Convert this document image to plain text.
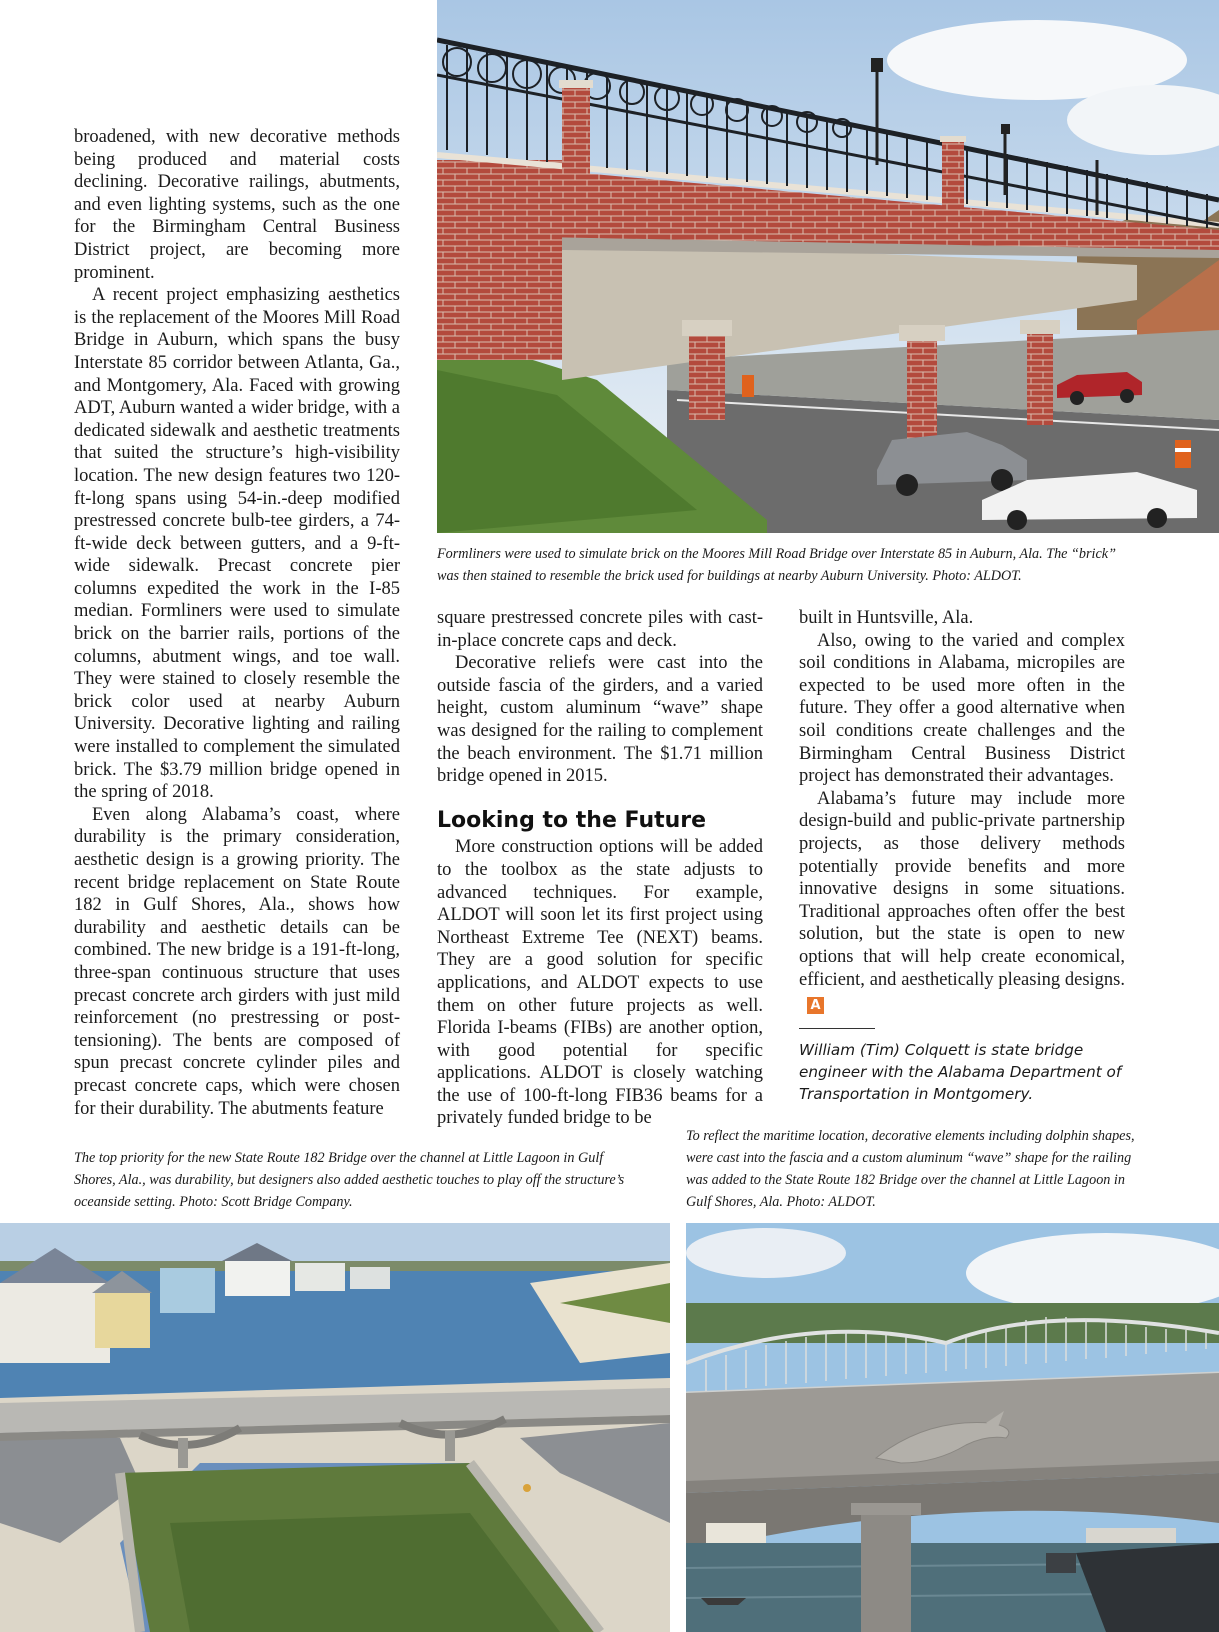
Formliners were used to simulate brick on the Moores Mill Road Bridge over Interstate 85 in Auburn, Ala. The “brick” was then stained to resemble the brick used for buildings at nearby Auburn University. Photo: ALDOT.

broadened, with new decorative methods being produced and material costs declining. Decorative railings, abutments, and even lighting systems, such as the one for the Birmingham Central Business District project, are becoming more prominent.

A recent project emphasizing aesthetics is the replacement of the Moores Mill Road Bridge in Auburn, which spans the busy Interstate 85 corridor between Atlanta, Ga., and Montgomery, Ala. Faced with growing ADT, Auburn wanted a wider bridge, with a dedicated sidewalk and aesthetic treatments that suited the structure’s high-visibility location. The new design features two 120-ft-long spans using 54-in.-deep modified prestressed concrete bulb-tee girders, a 74-ft-wide deck between gutters, and a 9-ft-wide sidewalk. Precast concrete pier columns expedited the work in the I-85 median. Formliners were used to simulate brick on the barrier rails, portions of the columns, abutment wings, and toe wall. They were stained to closely resemble the brick color used at nearby Auburn University. Decorative lighting and railing were installed to complement the simulated brick. The $3.79 million bridge opened in the spring of 2018.

Even along Alabama’s coast, where durability is the primary consideration, aesthetic design is a growing priority. The recent bridge replacement on State Route 182 in Gulf Shores, Ala., shows how durability and aesthetic details can be combined. The new bridge is a 191-ft-long, three-span continuous structure that uses precast concrete arch girders with just mild reinforcement (no prestressing or post-tensioning). The bents are composed of spun precast concrete cylinder piles and precast concrete caps, which were chosen for their durability. The abutments feature

square prestressed concrete piles with cast-in-place concrete caps and deck.

Decorative reliefs were cast into the outside fascia of the girders, and a varied height, custom aluminum “wave” shape was designed for the railing to complement the beach environment. The $1.71 million bridge opened in 2015.

Looking to the Future

More construction options will be added to the toolbox as the state adjusts to advanced techniques. For example, ALDOT will soon let its first project using Northeast Extreme Tee (NEXT) beams. They are a good solution for specific applications, and ALDOT expects to use them on other future projects as well. Florida I-beams (FIBs) are another option, with good potential for specific applications. ALDOT is closely watching the use of 100-ft-long FIB36 beams for a privately funded bridge to be

built in Huntsville, Ala.

Also, owing to the varied and complex soil conditions in Alabama, micropiles are expected to be used more often in the future. They offer a good alternative when soil conditions create challenges and the Birmingham Central Business District project has demonstrated their advantages.

Alabama’s future may include more design-build and public-private partnership projects, as those delivery methods potentially provide benefits and more innovative designs in some situations. Traditional approaches often offer the best solution, but the state is open to new options that will help create economical, efficient, and aesthetically pleasing designs.A

William (Tim) Colquett is state bridge engineer with the Alabama Department of Transportation in Montgomery.

The top priority for the new State Route 182 Bridge over the channel at Little Lagoon in Gulf Shores, Ala., was durability, but designers also added aesthetic touches to play off the structure’s oceanside setting. Photo: Scott Bridge Company.
To reflect the maritime location, decorative elements including dolphin shapes, were cast into the fascia and a custom aluminum “wave” shape for the railing was added to the State Route 182 Bridge over the channel at Little Lagoon in Gulf Shores, Ala. Photo: ALDOT.
